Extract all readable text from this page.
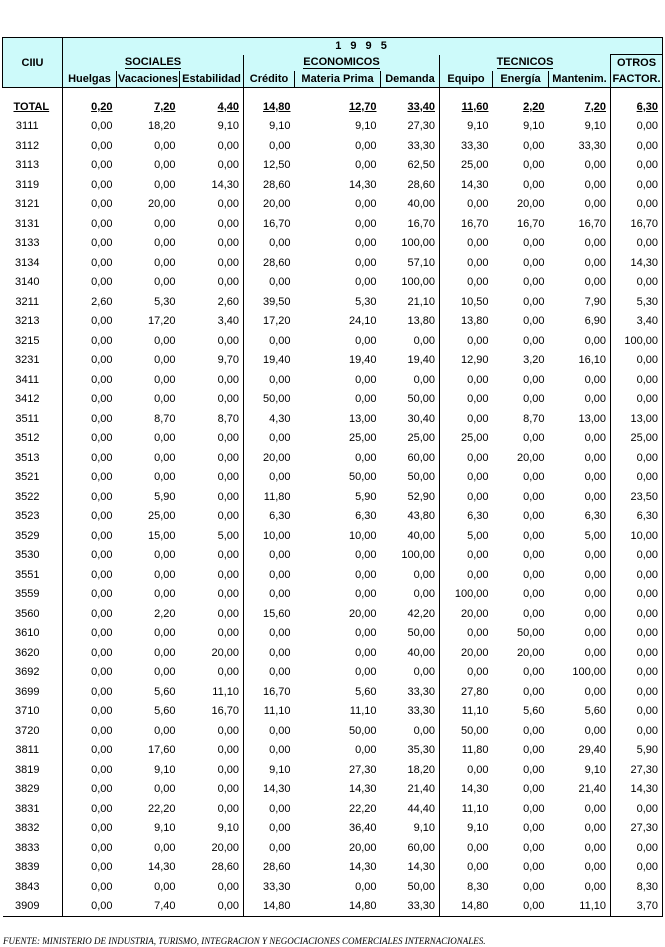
CIIU	1 9 9 5									
	SOCIALES			ECONOMICOS			TECNICOS			OTROS
	Huelgas	Vacaciones	Estabilidad	Crédito	Materia Prima	Demanda	Equipo	Energía	Mantenim.	FACTOR.

TOTAL	0,20	7,20	4,40	14,80	12,70	33,40	11,60	2,20	7,20	6,30
3111	0,00	18,20	9,10	9,10	9,10	27,30	9,10	9,10	9,10	0,00
3112	0,00	0,00	0,00	0,00	0,00	33,30	33,30	0,00	33,30	0,00
3113	0,00	0,00	0,00	12,50	0,00	62,50	25,00	0,00	0,00	0,00
3119	0,00	0,00	14,30	28,60	14,30	28,60	14,30	0,00	0,00	0,00
3121	0,00	20,00	0,00	20,00	0,00	40,00	0,00	20,00	0,00	0,00
3131	0,00	0,00	0,00	16,70	0,00	16,70	16,70	16,70	16,70	16,70
3133	0,00	0,00	0,00	0,00	0,00	100,00	0,00	0,00	0,00	0,00
3134	0,00	0,00	0,00	28,60	0,00	57,10	0,00	0,00	0,00	14,30
3140	0,00	0,00	0,00	0,00	0,00	100,00	0,00	0,00	0,00	0,00
3211	2,60	5,30	2,60	39,50	5,30	21,10	10,50	0,00	7,90	5,30
3213	0,00	17,20	3,40	17,20	24,10	13,80	13,80	0,00	6,90	3,40
3215	0,00	0,00	0,00	0,00	0,00	0,00	0,00	0,00	0,00	100,00
3231	0,00	0,00	9,70	19,40	19,40	19,40	12,90	3,20	16,10	0,00
3411	0,00	0,00	0,00	0,00	0,00	0,00	0,00	0,00	0,00	0,00
3412	0,00	0,00	0,00	50,00	0,00	50,00	0,00	0,00	0,00	0,00
3511	0,00	8,70	8,70	4,30	13,00	30,40	0,00	8,70	13,00	13,00
3512	0,00	0,00	0,00	0,00	25,00	25,00	25,00	0,00	0,00	25,00
3513	0,00	0,00	0,00	20,00	0,00	60,00	0,00	20,00	0,00	0,00
3521	0,00	0,00	0,00	0,00	50,00	50,00	0,00	0,00	0,00	0,00
3522	0,00	5,90	0,00	11,80	5,90	52,90	0,00	0,00	0,00	23,50
3523	0,00	25,00	0,00	6,30	6,30	43,80	6,30	0,00	6,30	6,30
3529	0,00	15,00	5,00	10,00	10,00	40,00	5,00	0,00	5,00	10,00
3530	0,00	0,00	0,00	0,00	0,00	100,00	0,00	0,00	0,00	0,00
3551	0,00	0,00	0,00	0,00	0,00	0,00	0,00	0,00	0,00	0,00
3559	0,00	0,00	0,00	0,00	0,00	0,00	100,00	0,00	0,00	0,00
3560	0,00	2,20	0,00	15,60	20,00	42,20	20,00	0,00	0,00	0,00
3610	0,00	0,00	0,00	0,00	0,00	50,00	0,00	50,00	0,00	0,00
3620	0,00	0,00	20,00	0,00	0,00	40,00	20,00	20,00	0,00	0,00
3692	0,00	0,00	0,00	0,00	0,00	0,00	0,00	0,00	100,00	0,00
3699	0,00	5,60	11,10	16,70	5,60	33,30	27,80	0,00	0,00	0,00
3710	0,00	5,60	16,70	11,10	11,10	33,30	11,10	5,60	5,60	0,00
3720	0,00	0,00	0,00	0,00	50,00	0,00	50,00	0,00	0,00	0,00
3811	0,00	17,60	0,00	0,00	0,00	35,30	11,80	0,00	29,40	5,90
3819	0,00	9,10	0,00	9,10	27,30	18,20	0,00	0,00	9,10	27,30
3829	0,00	0,00	0,00	14,30	14,30	21,40	14,30	0,00	21,40	14,30
3831	0,00	22,20	0,00	0,00	22,20	44,40	11,10	0,00	0,00	0,00
3832	0,00	9,10	9,10	0,00	36,40	9,10	9,10	0,00	0,00	27,30
3833	0,00	0,00	20,00	0,00	20,00	60,00	0,00	0,00	0,00	0,00
3839	0,00	14,30	28,60	28,60	14,30	14,30	0,00	0,00	0,00	0,00
3843	0,00	0,00	0,00	33,30	0,00	50,00	8,30	0,00	0,00	8,30
3909	0,00	7,40	0,00	14,80	14,80	33,30	14,80	0,00	11,10	3,70
FUENTE: MINISTERIO DE INDUSTRIA, TURISMO, INTEGRACION Y NEGOCIACIONES COMERCIALES INTERNACIONALES.
